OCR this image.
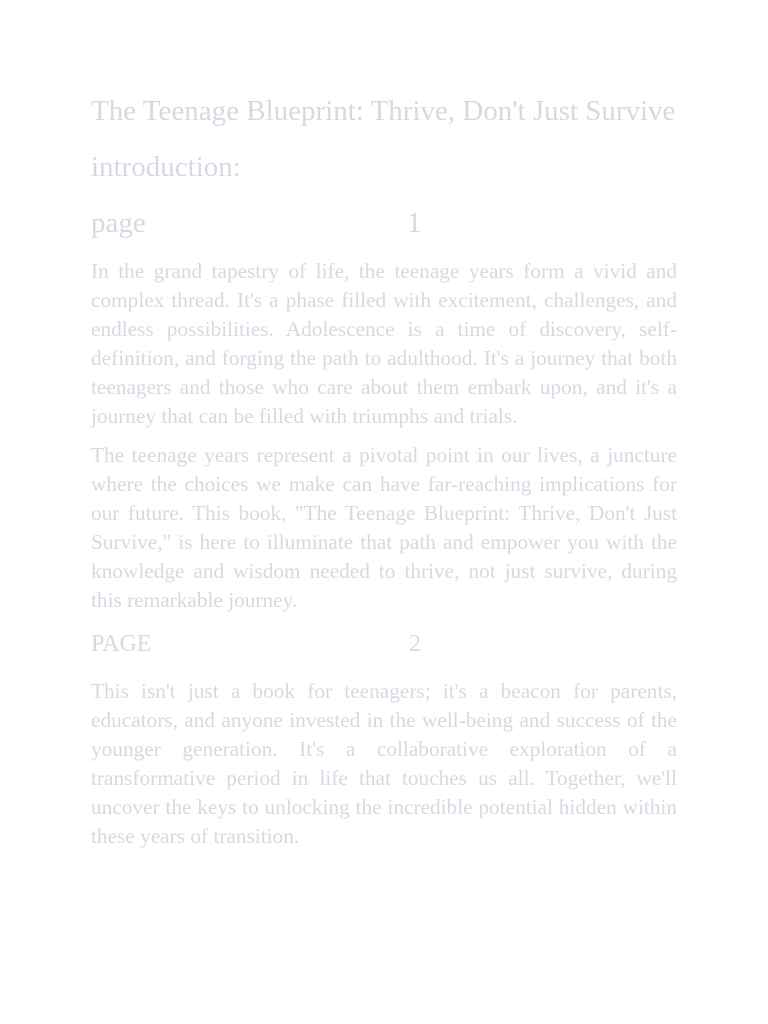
The Teenage Blueprint: Thrive, Don't Just Survive
introduction:
page	1

In the grand tapestry of life, the teenage years form a vivid and complex thread. It's a phase filled with excitement, challenges, and endless possibilities. Adolescence is a time of discovery, self-definition, and forging the path to adulthood. It's a journey that both teenagers and those who care about them embark upon, and it's a journey that can be filled with triumphs and trials.

The teenage years represent a pivotal point in our lives, a juncture where the choices we make can have far-reaching implications for our future. This book, "The Teenage Blueprint: Thrive, Don't Just Survive," is here to illuminate that path and empower you with the knowledge and wisdom needed to thrive, not just survive, during this remarkable journey.

PAGE	2

This isn't just a book for teenagers; it's a beacon for parents, educators, and anyone invested in the well-being and success of the younger generation. It's a collaborative exploration of a transformative period in life that touches us all. Together, we'll uncover the keys to unlocking the incredible potential hidden within these years of transition.
